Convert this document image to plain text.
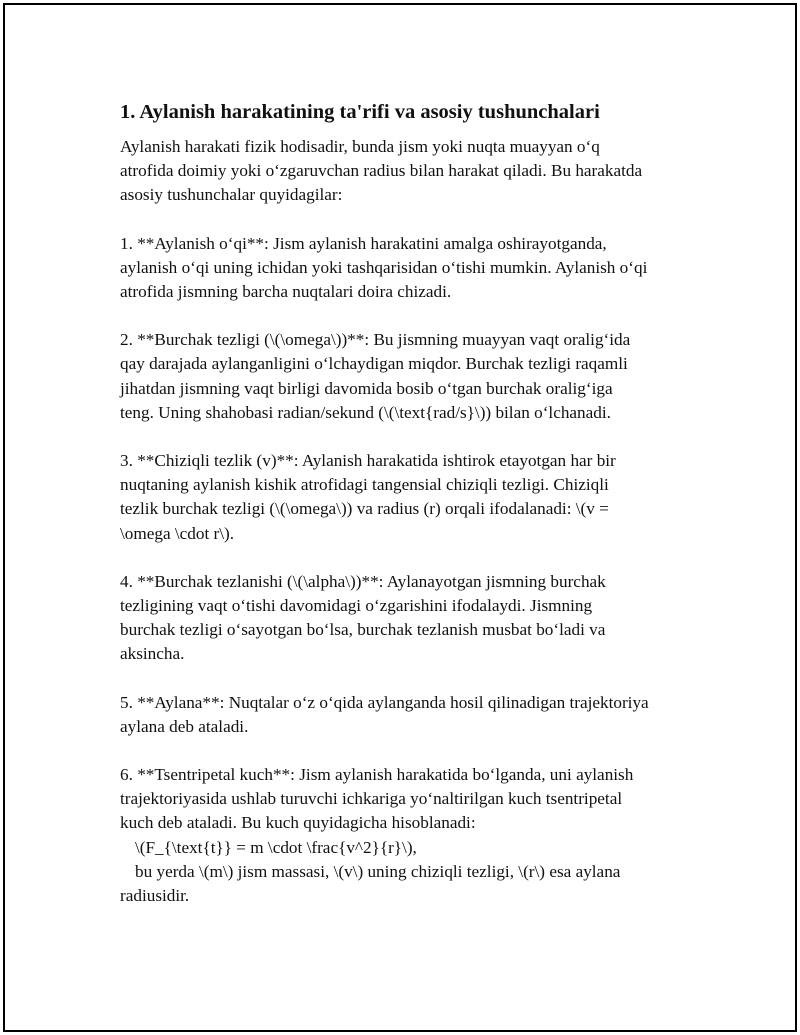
1. Aylanish harakatining ta'rifi va asosiy tushunchalari
Aylanish harakati fizik hodisadir, bunda jism yoki nuqta muayyan o‘q
atrofida doimiy yoki o‘zgaruvchan radius bilan harakat qiladi. Bu harakatda
asosiy tushunchalar quyidagilar:
1. **Aylanish o‘qi**: Jism aylanish harakatini amalga oshirayotganda,
aylanish o‘qi uning ichidan yoki tashqarisidan o‘tishi mumkin. Aylanish o‘qi
atrofida jismning barcha nuqtalari doira chizadi.
2. **Burchak tezligi (\(\omega\))**: Bu jismning muayyan vaqt oralig‘ida
qay darajada aylanganligini o‘lchaydigan miqdor. Burchak tezligi raqamli
jihatdan jismning vaqt birligi davomida bosib o‘tgan burchak oralig‘iga
teng. Uning shahobasi radian/sekund (\(\text{rad/s}\)) bilan o‘lchanadi.
3. **Chiziqli tezlik (v)**: Aylanish harakatida ishtirok etayotgan har bir
nuqtaning aylanish kishik atrofidagi tangensial chiziqli tezligi. Chiziqli
tezlik burchak tezligi (\(\omega\)) va radius (r) orqali ifodalanadi: \(v =
\omega \cdot r\).
4. **Burchak tezlanishi (\(\alpha\))**: Aylanayotgan jismning burchak
tezligining vaqt o‘tishi davomidagi o‘zgarishini ifodalaydi. Jismning
burchak tezligi o‘sayotgan bo‘lsa, burchak tezlanish musbat bo‘ladi va
aksincha.
5. **Aylana**: Nuqtalar o‘z o‘qida aylanganda hosil qilinadigan trajektoriya
aylana deb ataladi.
6. **Tsentripetal kuch**: Jism aylanish harakatida bo‘lganda, uni aylanish
trajektoriyasida ushlab turuvchi ichkariga yo‘naltirilgan kuch tsentripetal
kuch deb ataladi. Bu kuch quyidagicha hisoblanadi:
\(F_{\text{t}} = m \cdot \frac{v^2}{r}\),
bu yerda \(m\) jism massasi, \(v\) uning chiziqli tezligi, \(r\) esa aylana
radiusidir.
